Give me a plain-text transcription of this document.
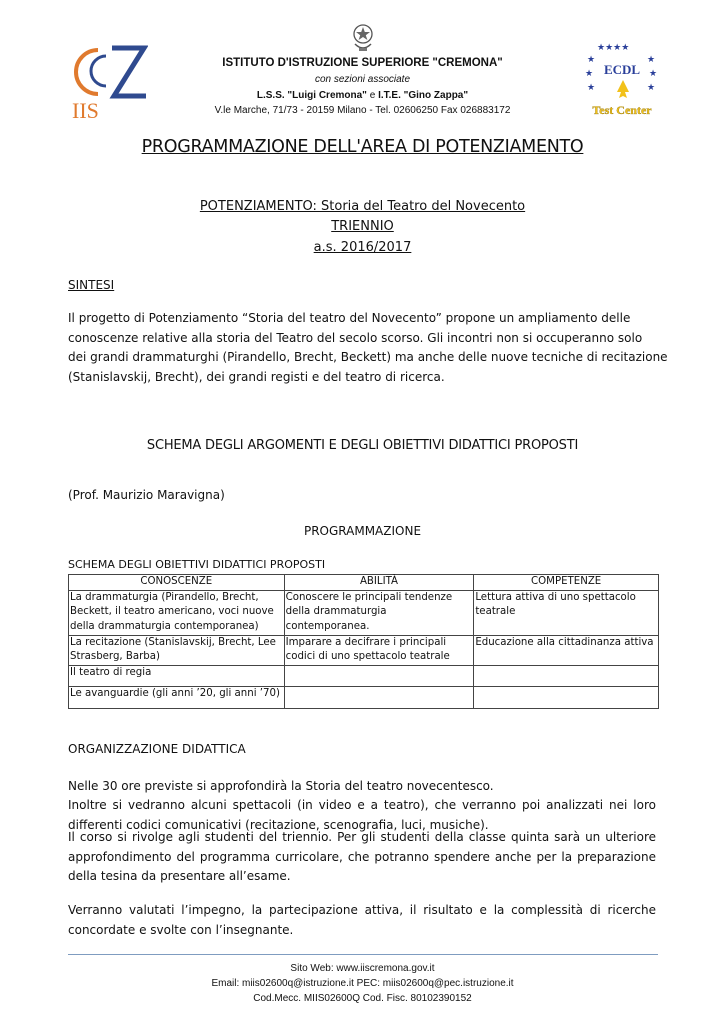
IIS
★★★★
★	★
★	★
★	★
ECDL
Test Center
ISTITUTO D'ISTRUZIONE SUPERIORE "CREMONA"
con sezioni associate
L.S.S. "Luigi Cremona" e I.T.E. "Gino Zappa"
V.le Marche, 71/73 - 20159 Milano - Tel. 02606250 Fax 026883172
PROGRAMMAZIONE DELL'AREA DI POTENZIAMENTO
POTENZIAMENTO: Storia del Teatro del Novecento
TRIENNIO
a.s. 2016/2017
SINTESI
Il progetto di Potenziamento “Storia del teatro del Novecento” propone un ampliamento delle
conoscenze relative alla storia del Teatro del secolo scorso. Gli incontri non si occuperanno solo
dei grandi drammaturghi (Pirandello, Brecht, Beckett) ma anche delle nuove tecniche di recitazione
(Stanislavskij, Brecht), dei grandi registi e del teatro di ricerca.
SCHEMA DEGLI ARGOMENTI E DEGLI OBIETTIVI DIDATTICI PROPOSTI
(Prof. Maurizio Maravigna)
PROGRAMMAZIONE
SCHEMA DEGLI OBIETTIVI DIDATTICI PROPOSTI
CONOSCENZE	ABILITÀ	COMPETENZE
La drammaturgia (Pirandello, Brecht, Beckett, il teatro americano, voci nuove della drammaturgia contemporanea)	Conoscere le principali tendenze della drammaturgia contemporanea.	Lettura attiva di uno spettacolo teatrale
La recitazione (Stanislavskij, Brecht, Lee Strasberg, Barba)	Imparare a decifrare i principali codici di uno spettacolo teatrale	Educazione alla cittadinanza attiva
Il teatro di regia		
Le avanguardie (gli anni ’20, gli anni ’70)		
ORGANIZZAZIONE DIDATTICA
Nelle 30 ore previste si approfondirà la Storia del teatro novecentesco.
Inoltre si vedranno alcuni spettacoli (in video e a teatro), che verranno poi analizzati nei loro differenti codici comunicativi (recitazione, scenografia, luci, musiche).
Il corso si rivolge agli studenti del triennio. Per gli studenti della classe quinta sarà un ulteriore approfondimento del programma curricolare, che potranno spendere anche per la preparazione della tesina da presentare all’esame.
Verranno valutati l’impegno, la partecipazione attiva, il risultato e la complessità di ricerche concordate e svolte con l’insegnante.
Sito Web: www.iiscremona.gov.it
Email: miis02600q@istruzione.it PEC: miis02600q@pec.istruzione.it
Cod.Mecc. MIIS02600Q Cod. Fisc. 80102390152
